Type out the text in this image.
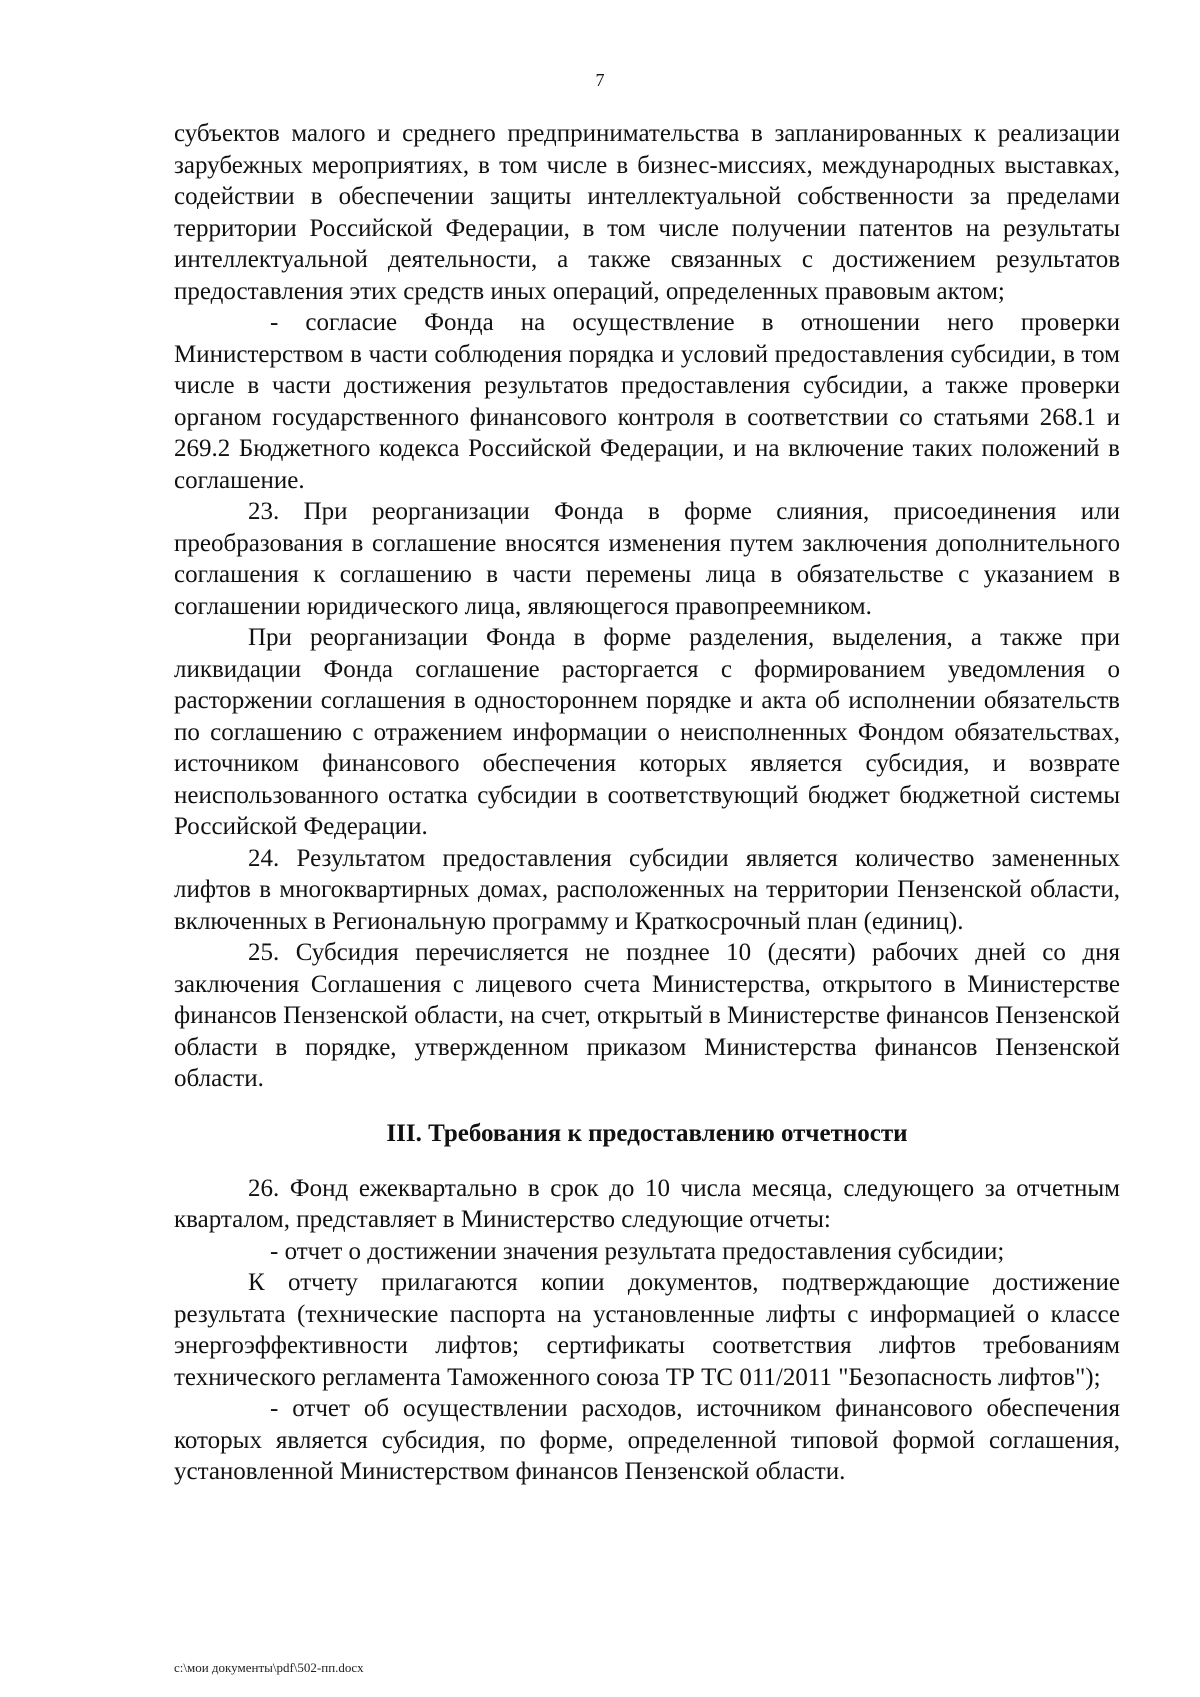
7

субъектов малого и среднего предпринимательства в запланированных к реализации зарубежных мероприятиях, в том числе в бизнес-миссиях, международных выставках, содействии в обеспечении защиты интеллектуальной собственности за пределами территории Российской Федерации, в том числе получении патентов на результаты интеллектуальной деятельности, а также связанных с достижением результатов предоставления этих средств иных операций, определенных правовым актом;

- согласие Фонда на осуществление в отношении него проверки Министерством в части соблюдения порядка и условий предоставления субсидии, в том числе в части достижения результатов предоставления субсидии, а также проверки органом государственного финансового контроля в соответствии со статьями 268.1 и 269.2 Бюджетного кодекса Российской Федерации, и на включение таких положений в соглашение.

23. При реорганизации Фонда в форме слияния, присоединения или преобразования в соглашение вносятся изменения путем заключения дополнительного соглашения к соглашению в части перемены лица в обязательстве с указанием в соглашении юридического лица, являющегося правопреемником.

При реорганизации Фонда в форме разделения, выделения, а также при ликвидации Фонда соглашение расторгается с формированием уведомления о расторжении соглашения в одностороннем порядке и акта об исполнении обязательств по соглашению с отражением информации о неисполненных Фондом обязательствах, источником финансового обеспечения которых является субсидия, и возврате неиспользованного остатка субсидии в соответствующий бюджет бюджетной системы Российской Федерации.

24. Результатом предоставления субсидии является количество замененных лифтов в многоквартирных домах, расположенных на территории Пензенской области, включенных в Региональную программу и Краткосрочный план (единиц).

25. Субсидия перечисляется не позднее 10 (десяти) рабочих дней со дня заключения Соглашения с лицевого счета Министерства, открытого в Министерстве финансов Пензенской области, на счет, открытый в Министерстве финансов Пензенской области в порядке, утвержденном приказом Министерства финансов Пензенской области.

III. Требования к предоставлению отчетности

26. Фонд ежеквартально в срок до 10 числа месяца, следующего за отчетным кварталом, представляет в Министерство следующие отчеты:

- отчет о достижении значения результата предоставления субсидии;

К отчету прилагаются копии документов, подтверждающие достижение результата (технические паспорта на установленные лифты с информацией о классе энергоэффективности лифтов; сертификаты соответствия лифтов требованиям технического регламента Таможенного союза ТР ТС 011/2011 "Безопасность лифтов");

- отчет об осуществлении расходов, источником финансового обеспечения которых является субсидия, по форме, определенной типовой формой соглашения, установленной Министерством финансов Пензенской области.

c:\мои документы\pdf\502-пп.docx
